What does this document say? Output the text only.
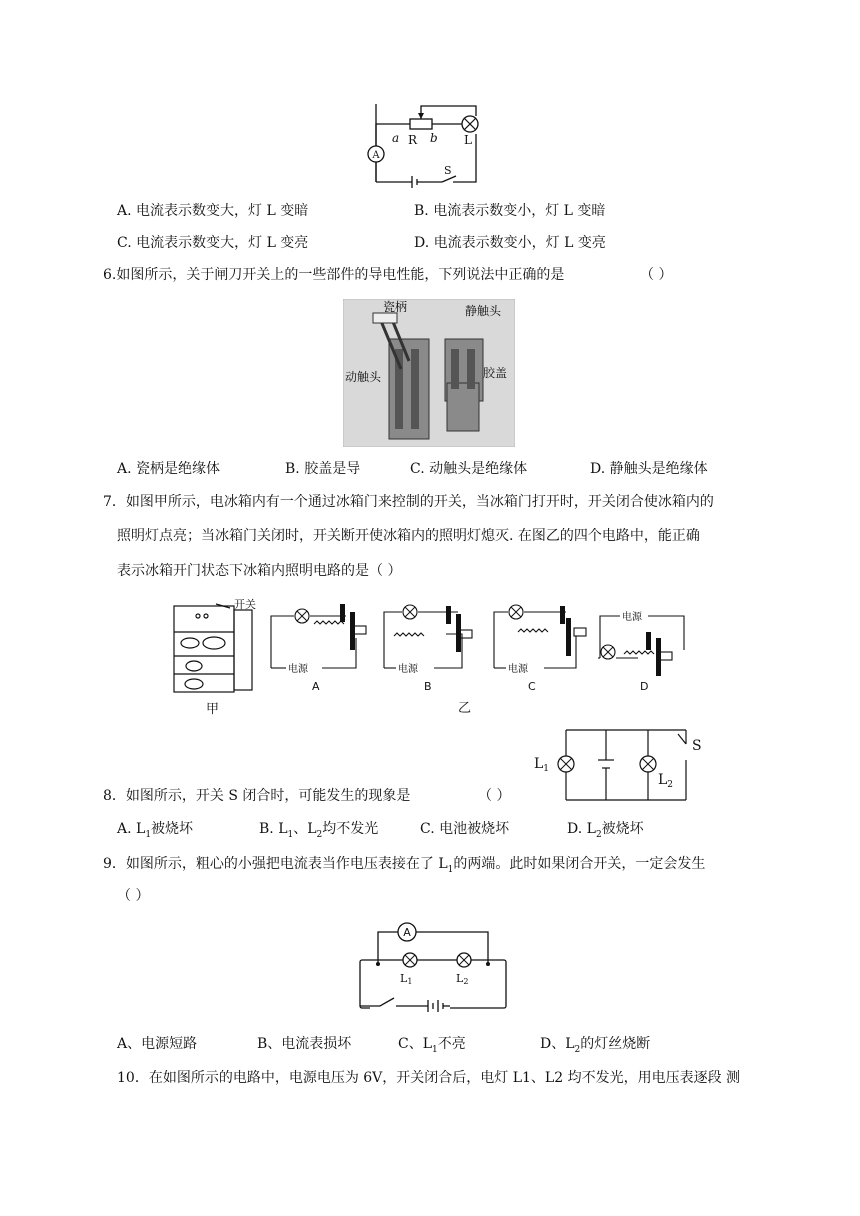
A
a R b L
S
A. 电流表示数变大，灯 L 变暗	B. 电流表示数变小，灯 L 变暗
C. 电流表示数变大，灯 L 变亮	D. 电流表示数变小，灯 L 变亮
6.如图所示，关于闸刀开关上的一些部件的导电性能，下列说法中正确的是	（ ）
瓷柄	静触头
动触头	胶盖
A. 瓷柄是绝缘体	B. 胶盖是导	C. 动触头是绝缘体	D. 静触头是绝缘体
7．如图甲所示，电冰箱内有一个通过冰箱门来控制的开关，当冰箱门打开时，开关闭合使冰箱内的
照明灯点亮；当冰箱门关闭时，开关断开使冰箱内的照明灯熄灭. 在图乙的四个电路中，能正确
表示冰箱开门状态下冰箱内照明电路的是（ ）
开关
甲
电源
A
电源
B
电源
C
电源
D
乙
$L_1$
$L_2$
S
8．如图所示，开关 S 闭合时，可能发生的现象是	（ ）
A. $L_1$被烧坏	B. $L_1$、$L_2$均不发光	C. 电池被烧坏	D. $L_2$被烧坏
9．如图所示，粗心的小强把电流表当作电压表接在了 $L_1$的两端。此时如果闭合开关，一定会发生
（ ）
A
L1	L2
A、电源短路	B、电流表损坏	C、$L_1$不亮	D、$L_2$的灯丝烧断
10．在如图所示的电路中，电源电压为 6V，开关闭合后，电灯 L1、L2 均不发光，用电压表逐段 测
